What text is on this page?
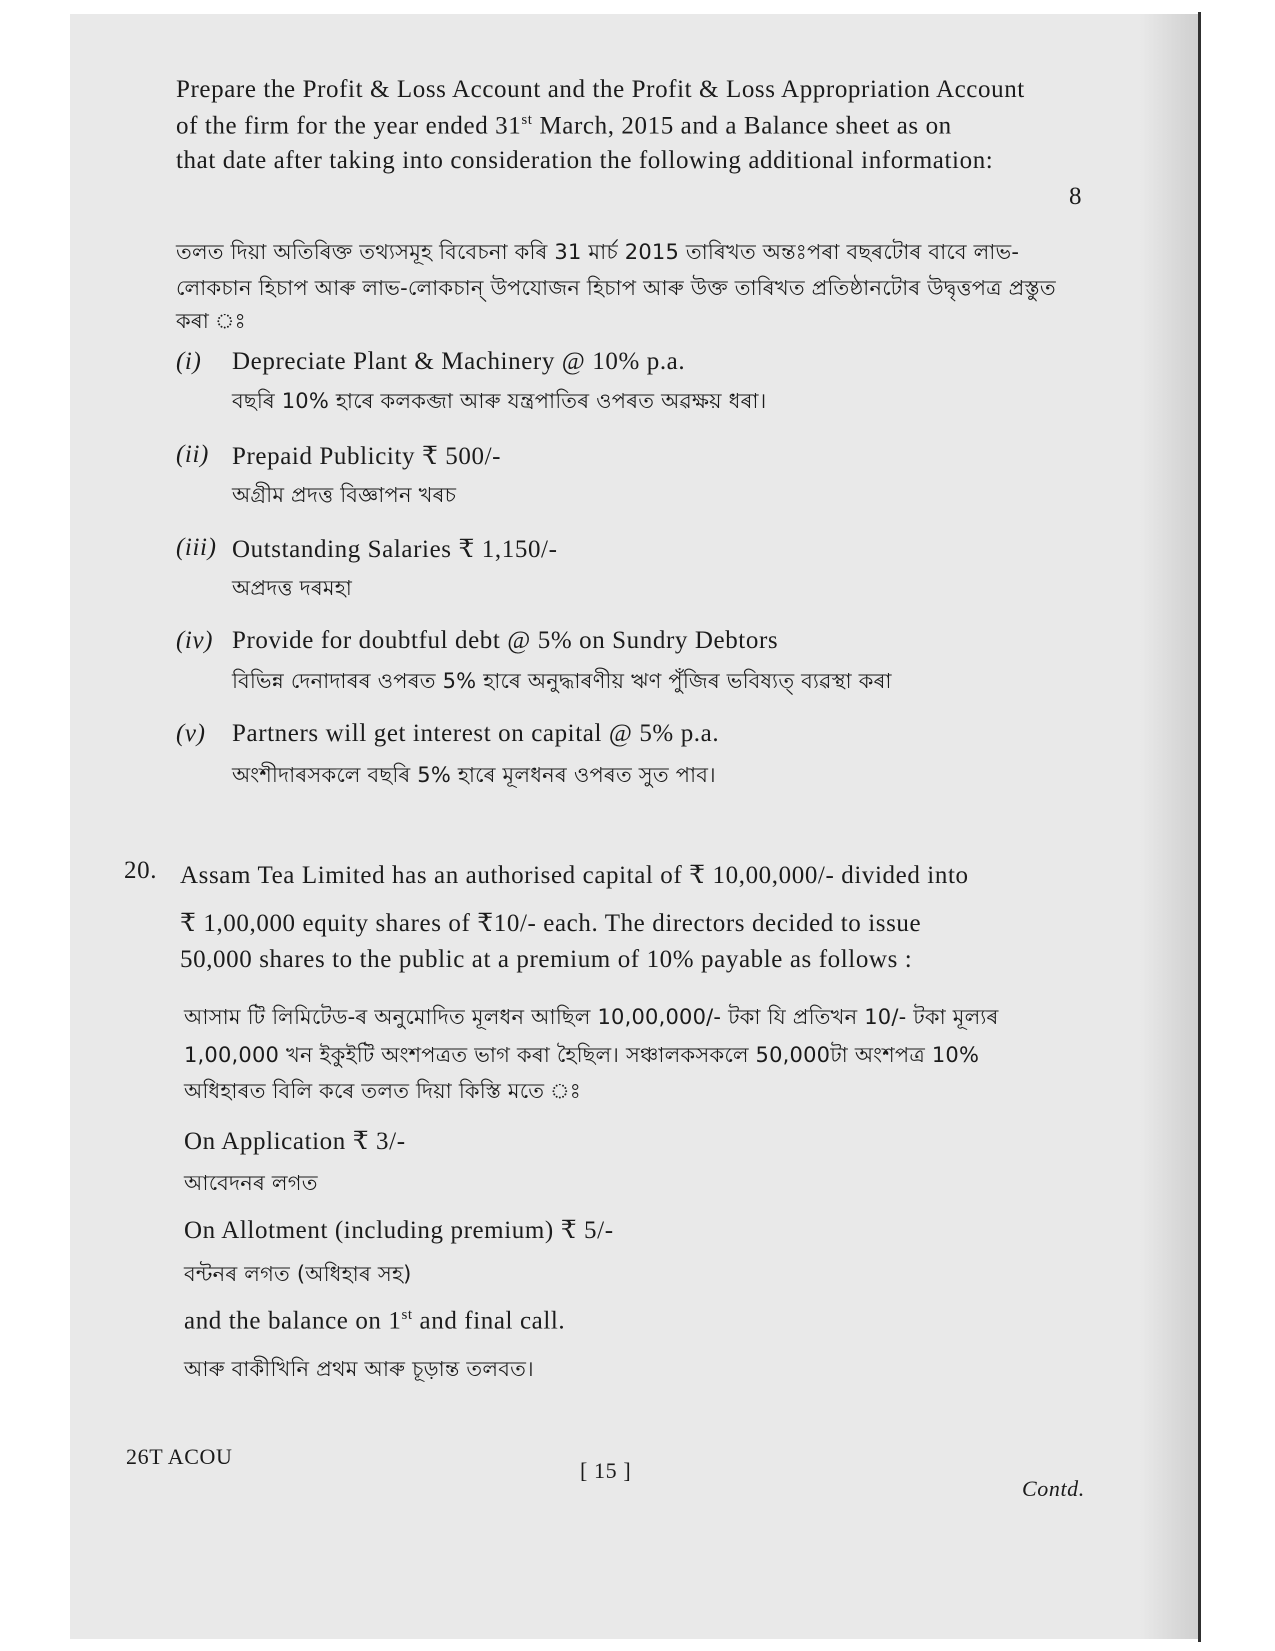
Prepare the Profit & Loss Account and the Profit & Loss Appropriation Account
of the firm for the year ended 31st March, 2015 and a Balance sheet as on
that date after taking into consideration the following additional information:
8
তলত দিয়া অতিৰিক্ত তথ্যসমূহ বিবেচনা কৰি 31 মাৰ্চ 2015 তাৰিখত অন্তঃপৰা বছৰটোৰ বাবে লাভ-
লোকচান হিচাপ আৰু লাভ-লোকচান্ উপযোজন হিচাপ আৰু উক্ত তাৰিখত প্ৰতিষ্ঠানটোৰ উদ্বৃত্তপত্ৰ প্ৰস্তুত
কৰা ঃ
(i) Depreciate Plant & Machinery @ 10% p.a.
বছৰি 10% হাৰে কলকব্জা আৰু যন্ত্ৰপাতিৰ ওপৰত অৱক্ষয় ধৰা।
(ii) Prepaid Publicity ₹ 500/-
অগ্ৰীম প্ৰদত্ত বিজ্ঞাপন খৰচ
(iii) Outstanding Salaries ₹ 1,150/-
অপ্ৰদত্ত দৰমহা
(iv) Provide for doubtful debt @ 5% on Sundry Debtors
বিভিন্ন দেনাদাৰৰ ওপৰত 5% হাৰে অনুদ্ধাৰণীয় ঋণ পুঁজিৰ ভবিষ্যত্ ব্যৱস্থা কৰা
(v) Partners will get interest on capital @ 5% p.a.
অংশীদাৰসকলে বছৰি 5% হাৰে মূলধনৰ ওপৰত সুত পাব।
20. Assam Tea Limited has an authorised capital of ₹ 10,00,000/- divided into
₹ 1,00,000 equity shares of ₹10/- each. The directors decided to issue
50,000 shares to the public at a premium of 10% payable as follows :
আসাম টি লিমিটেড-ৰ অনুমোদিত মূলধন আছিল 10,00,000/- টকা যি প্ৰতিখন 10/- টকা মূল্যৰ
1,00,000 খন ইকুইটি অংশপত্ৰত ভাগ কৰা হৈছিল। সঞ্চালকসকলে 50,000টা অংশপত্ৰ 10%
অধিহাৰত বিলি কৰে তলত দিয়া কিস্তি মতে ঃ
On Application ₹ 3/-
আবেদনৰ লগত
On Allotment (including premium) ₹ 5/-
বন্টনৰ লগত (অধিহাৰ সহ)
and the balance on 1st and final call.
আৰু বাকীখিনি প্ৰথম আৰু চূড়ান্ত তলবত।
26T ACOU
[ 15 ]
Contd.
